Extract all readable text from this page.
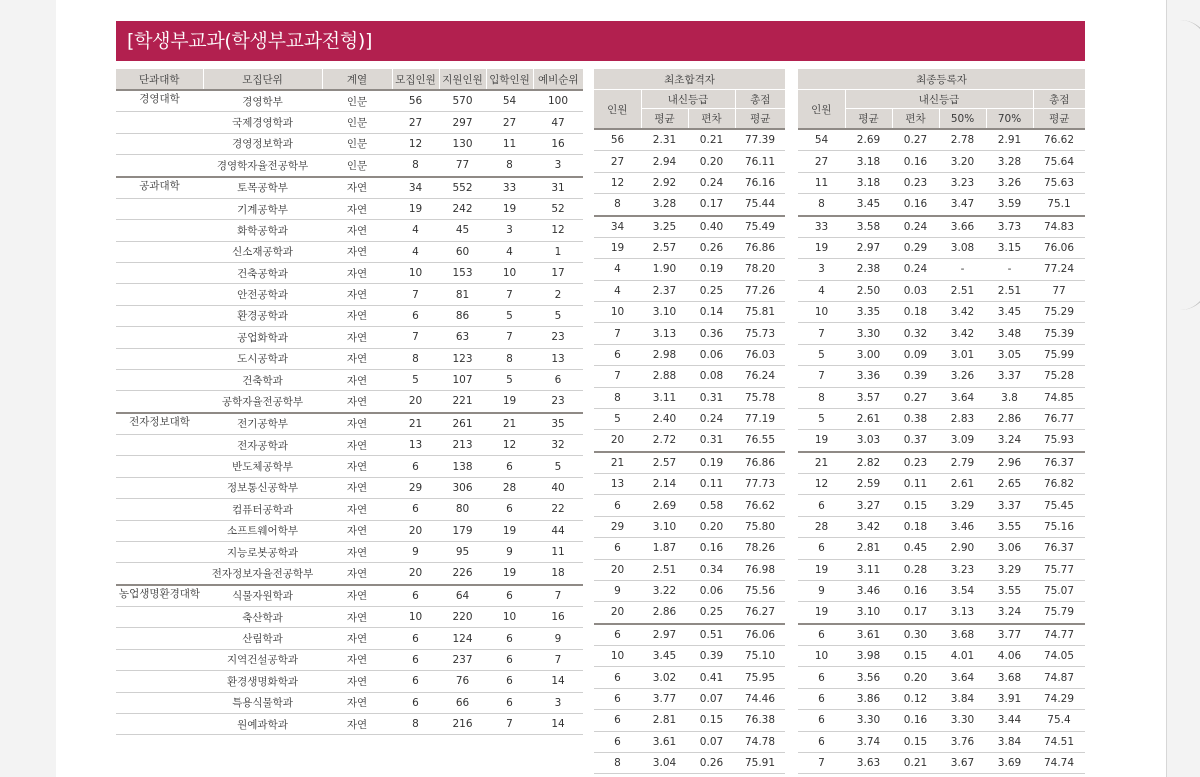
[학생부교과(학생부교과전형)]
단과대학	모집단위	계열	모집인원	지원인원	입학인원	예비순위

경영대학	경영학부	인문	56	570	54	100
	국제경영학과	인문	27	297	27	47
	경영정보학과	인문	12	130	11	16
	경영학자율전공학부	인문	8	77	8	3
공과대학	토목공학부	자연	34	552	33	31
	기계공학부	자연	19	242	19	52
	화학공학과	자연	4	45	3	12
	신소재공학과	자연	4	60	4	1
	건축공학과	자연	10	153	10	17
	안전공학과	자연	7	81	7	2
	환경공학과	자연	6	86	5	5
	공업화학과	자연	7	63	7	23
	도시공학과	자연	8	123	8	13
	건축학과	자연	5	107	5	6
	공학자율전공학부	자연	20	221	19	23
전자정보대학	전기공학부	자연	21	261	21	35
	전자공학과	자연	13	213	12	32
	반도체공학부	자연	6	138	6	5
	정보통신공학부	자연	29	306	28	40
	컴퓨터공학과	자연	6	80	6	22
	소프트웨어학부	자연	20	179	19	44
	지능로봇공학과	자연	9	95	9	11
	전자정보자율전공학부	자연	20	226	19	18
농업생명환경대학	식물자원학과	자연	6	64	6	7
	축산학과	자연	10	220	10	16
	산림학과	자연	6	124	6	9
	지역건설공학과	자연	6	237	6	7
	환경생명화학과	자연	6	76	6	14
	특용식물학과	자연	6	66	6	3
	원예과학과	자연	8	216	7	14
최초합격자			
인원	내신등급		총점
	평균	편차	평균
56	2.31	0.21	77.39
27	2.94	0.20	76.11
12	2.92	0.24	76.16
8	3.28	0.17	75.44
34	3.25	0.40	75.49
19	2.57	0.26	76.86
4	1.90	0.19	78.20
4	2.37	0.25	77.26
10	3.10	0.14	75.81
7	3.13	0.36	75.73
6	2.98	0.06	76.03
7	2.88	0.08	76.24
8	3.11	0.31	75.78
5	2.40	0.24	77.19
20	2.72	0.31	76.55
21	2.57	0.19	76.86
13	2.14	0.11	77.73
6	2.69	0.58	76.62
29	3.10	0.20	75.80
6	1.87	0.16	78.26
20	2.51	0.34	76.98
9	3.22	0.06	75.56
20	2.86	0.25	76.27
6	2.97	0.51	76.06
10	3.45	0.39	75.10
6	3.02	0.41	75.95
6	3.77	0.07	74.46
6	2.81	0.15	76.38
6	3.61	0.07	74.78
8	3.04	0.26	75.91
최종등록자					
인원	내신등급				총점
	평균	편차	50%	70%	평균
54	2.69	0.27	2.78	2.91	76.62
27	3.18	0.16	3.20	3.28	75.64
11	3.18	0.23	3.23	3.26	75.63
8	3.45	0.16	3.47	3.59	75.1
33	3.58	0.24	3.66	3.73	74.83
19	2.97	0.29	3.08	3.15	76.06
3	2.38	0.24	-	-	77.24
4	2.50	0.03	2.51	2.51	77
10	3.35	0.18	3.42	3.45	75.29
7	3.30	0.32	3.42	3.48	75.39
5	3.00	0.09	3.01	3.05	75.99
7	3.36	0.39	3.26	3.37	75.28
8	3.57	0.27	3.64	3.8	74.85
5	2.61	0.38	2.83	2.86	76.77
19	3.03	0.37	3.09	3.24	75.93
21	2.82	0.23	2.79	2.96	76.37
12	2.59	0.11	2.61	2.65	76.82
6	3.27	0.15	3.29	3.37	75.45
28	3.42	0.18	3.46	3.55	75.16
6	2.81	0.45	2.90	3.06	76.37
19	3.11	0.28	3.23	3.29	75.77
9	3.46	0.16	3.54	3.55	75.07
19	3.10	0.17	3.13	3.24	75.79
6	3.61	0.30	3.68	3.77	74.77
10	3.98	0.15	4.01	4.06	74.05
6	3.56	0.20	3.64	3.68	74.87
6	3.86	0.12	3.84	3.91	74.29
6	3.30	0.16	3.30	3.44	75.4
6	3.74	0.15	3.76	3.84	74.51
7	3.63	0.21	3.67	3.69	74.74
